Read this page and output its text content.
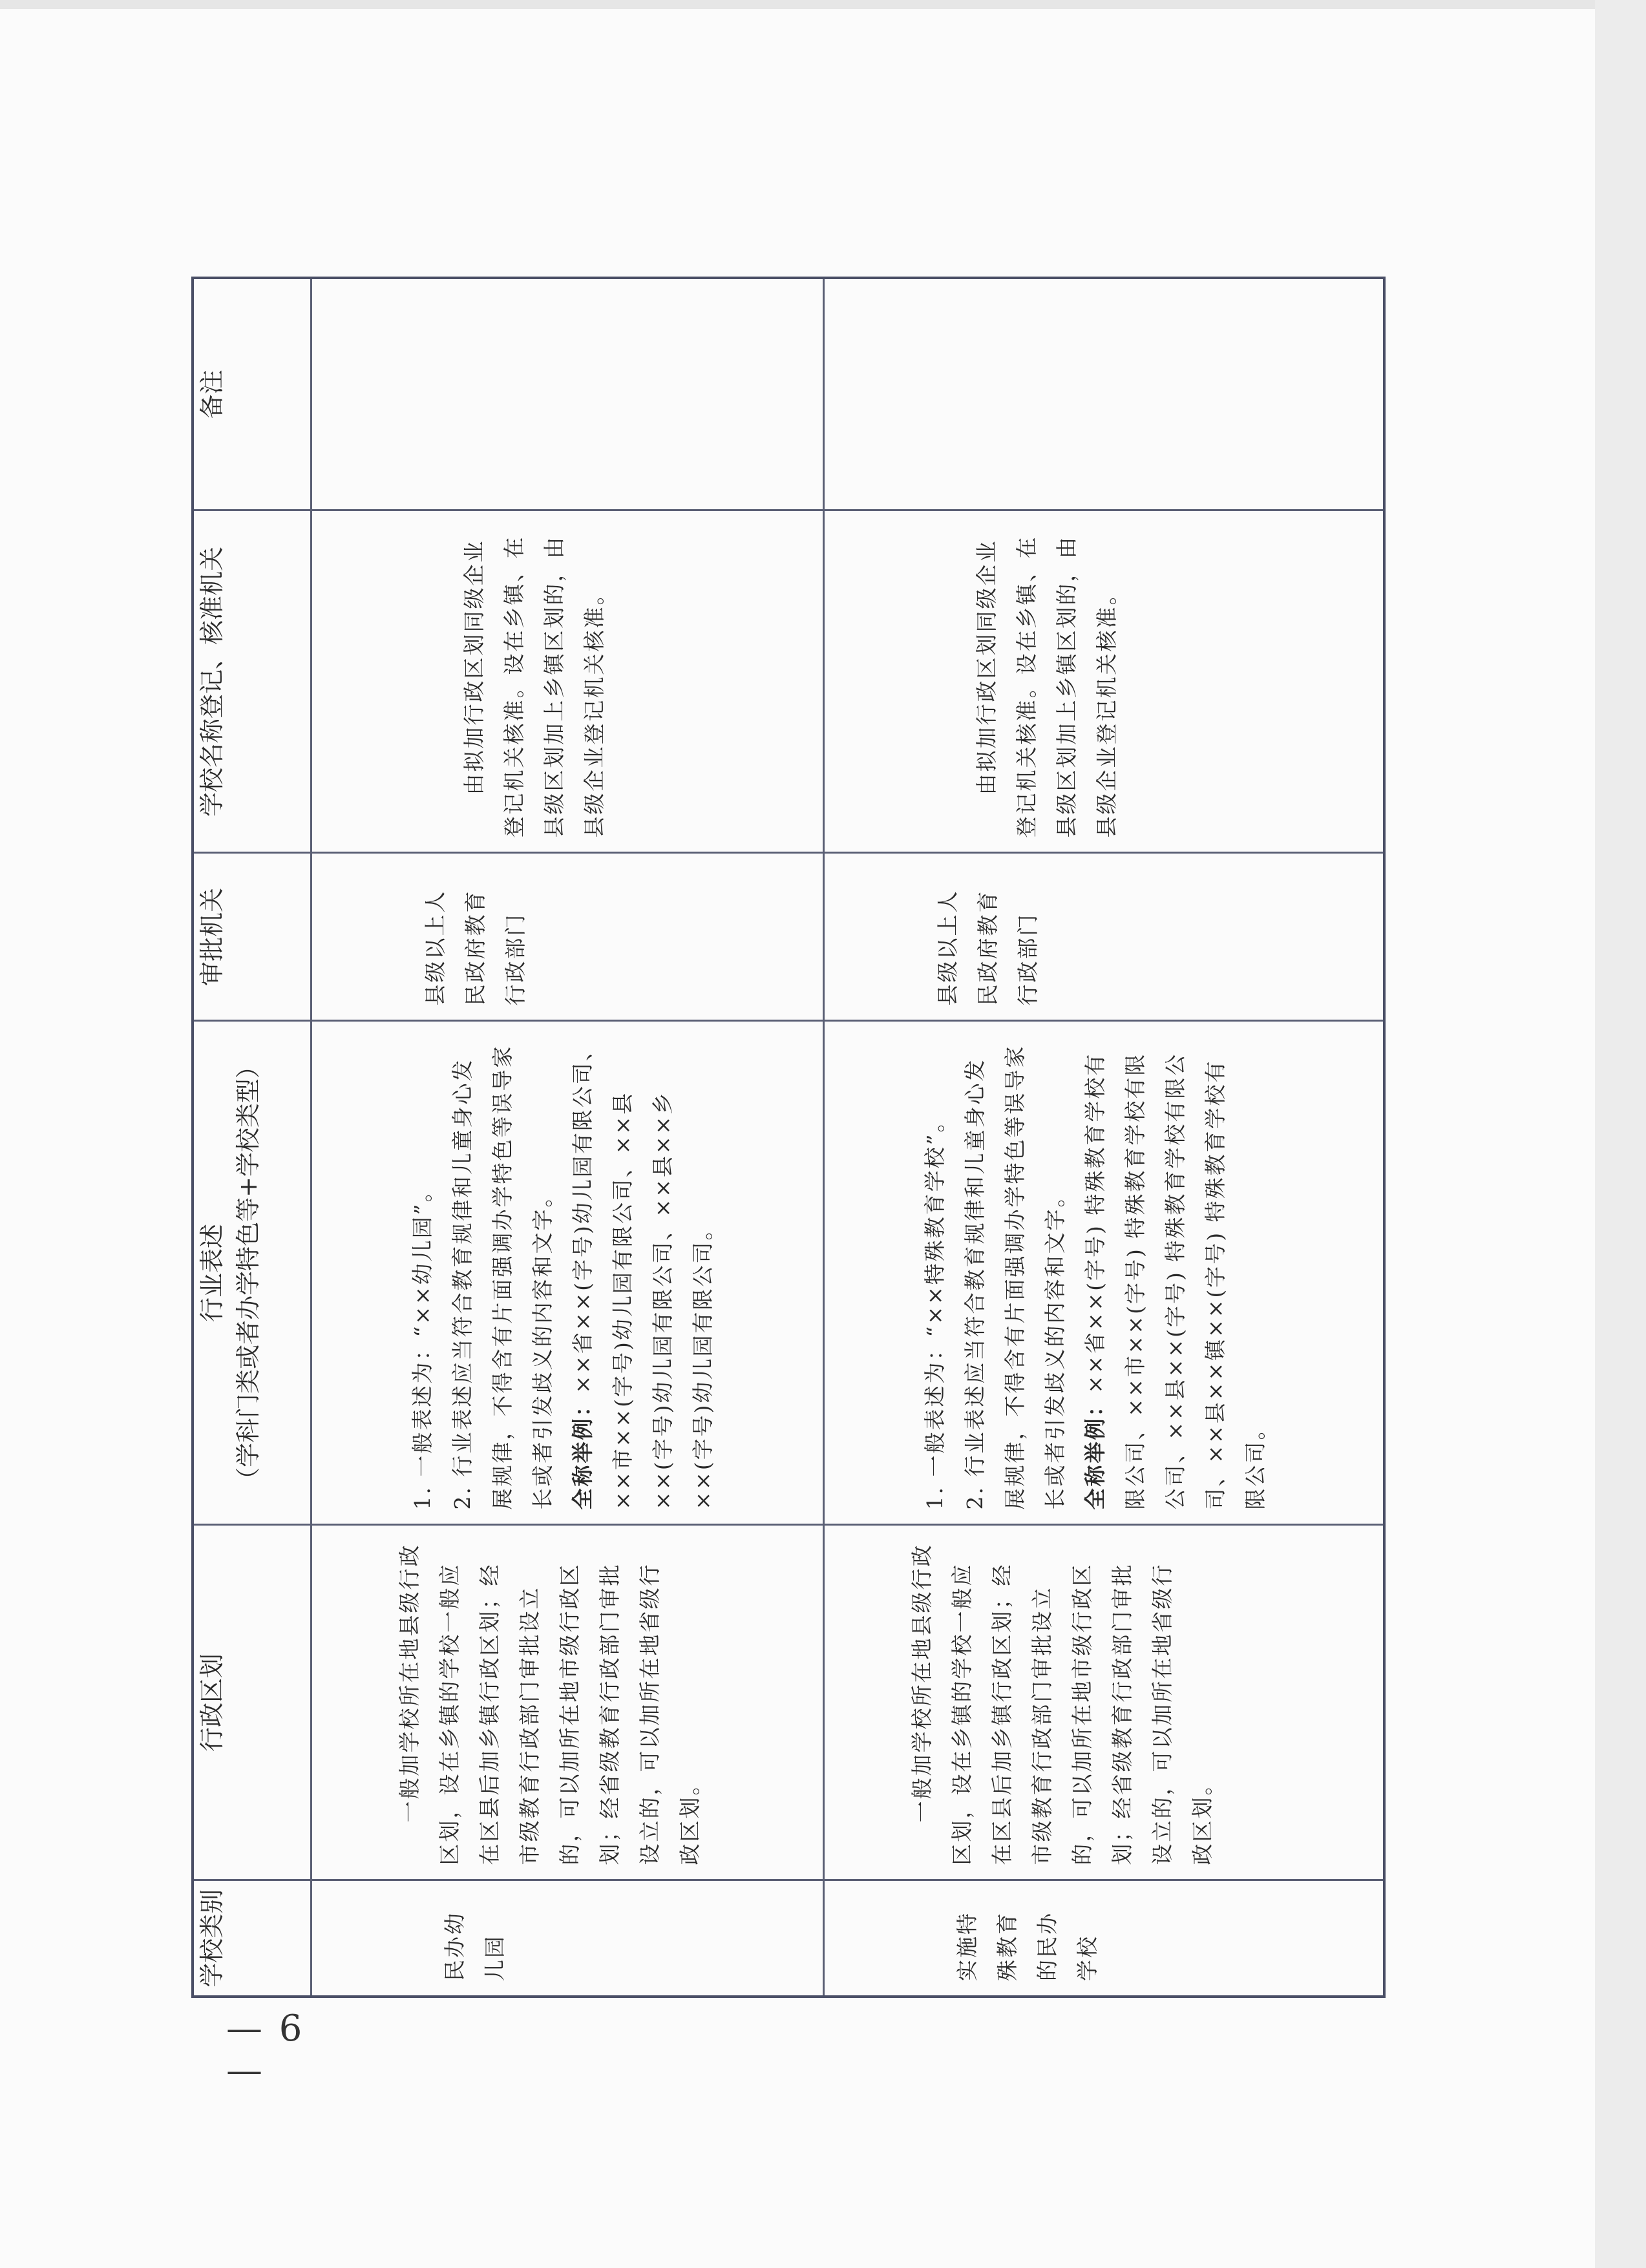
学校类别	行政区划	行业表述 （学科门类或者办学特色等+学校类型）	审批机关	学校名称登记、核准机关	备注

民办幼儿园	一般加学校所在地县级行政区划，设在乡镇的学校一般应在区县后加乡镇行政区划；经市级教育行政部门审批设立的，可以加所在地市级行政区划；经省级教育行政部门审批设立的，可以加所在地省级行政区划。	1. 一般表述为：“××幼儿园”。 2. 行业表述应当符合教育规律和儿童身心发展规律，不得含有片面强调办学特色等误导家长或者引发歧义的内容和文字。 全称举例：××省××(字号)幼儿园有限公司、××市××(字号)幼儿园有限公司、××县××(字号)幼儿园有限公司、××县××乡××(字号)幼儿园有限公司。	县级以上人民政府教育行政部门	由拟加行政区划同级企业登记机关核准。设在乡镇、在县级区划加上乡镇区划的，由县级企业登记机关核准。	

实施特殊教育的民办学校	一般加学校所在地县级行政区划，设在乡镇的学校一般应在区县后加乡镇行政区划；经市级教育行政部门审批设立的，可以加所在地市级行政区划；经省级教育行政部门审批设立的，可以加所在地省级行政区划。	1. 一般表述为：“××特殊教育学校”。 2. 行业表述应当符合教育规律和儿童身心发展规律，不得含有片面强调办学特色等误导家长或者引发歧义的内容和文字。 全称举例：××省××(字号) 特殊教育学校有限公司、××市××(字号) 特殊教育学校有限公司、××县××(字号) 特殊教育学校有限公司、××县××镇××(字号) 特殊教育学校有限公司。	县级以上人民政府教育行政部门	由拟加行政区划同级企业登记机关核准。设在乡镇、在县级区划加上乡镇区划的，由县级企业登记机关核准。	

— 6 —
